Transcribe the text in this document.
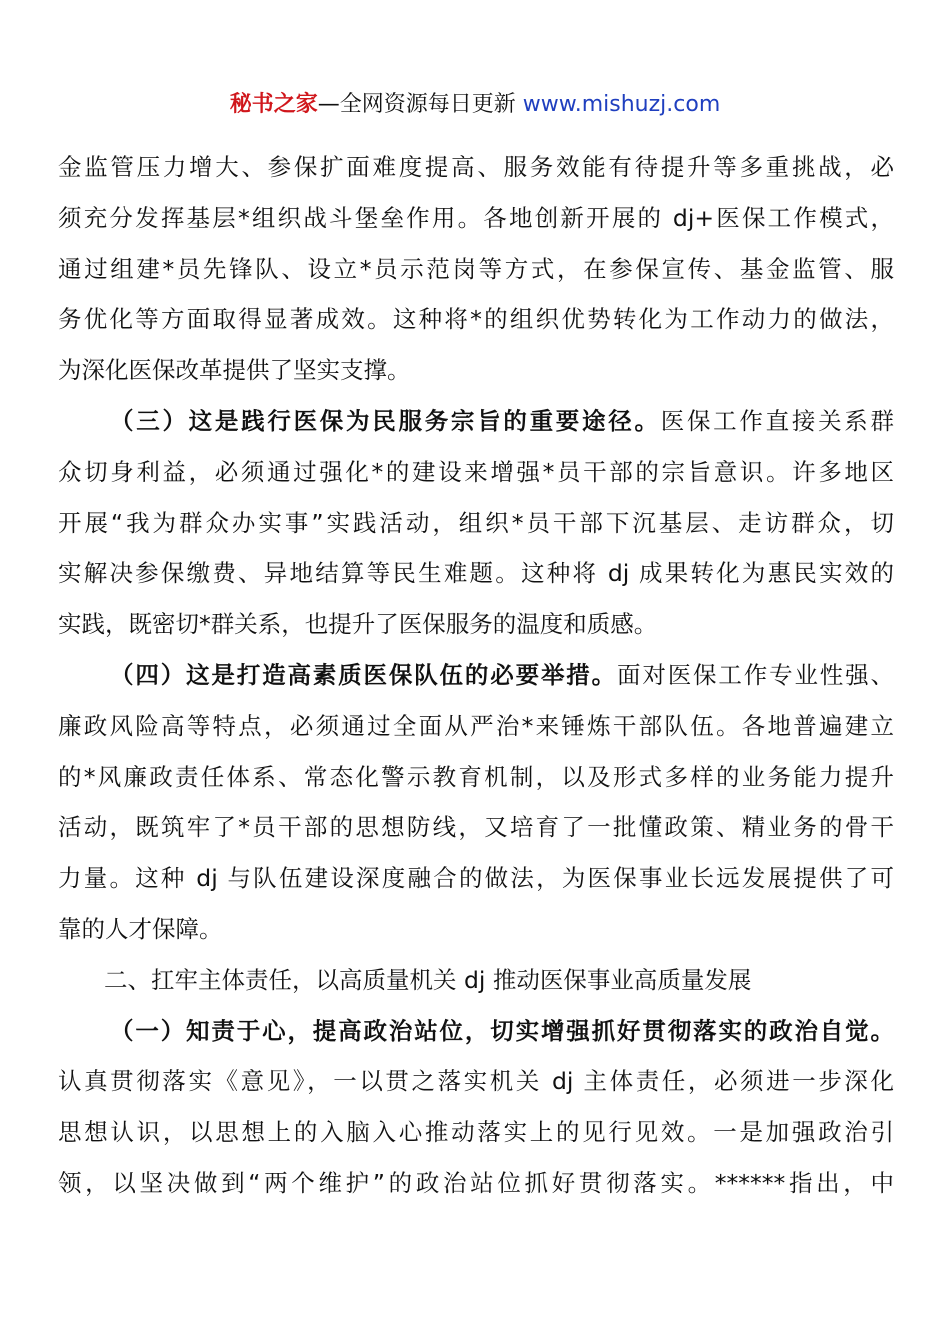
秘书之家—全网资源每日更新 www.mishuzj.com
金监管压力增大、参保扩面难度提高、服务效能有待提升等多重挑战，必
须充分发挥基层*组织战斗堡垒作用。各地创新开展的 dj+医保工作模式，
通过组建*员先锋队、设立*员示范岗等方式，在参保宣传、基金监管、服
务优化等方面取得显著成效。这种将*的组织优势转化为工作动力的做法，
为深化医保改革提供了坚实支撑。
（三）这是践行医保为民服务宗旨的重要途径。医保工作直接关系群
众切身利益，必须通过强化*的建设来增强*员干部的宗旨意识。许多地区
开展“我为群众办实事”实践活动，组织*员干部下沉基层、走访群众，切
实解决参保缴费、异地结算等民生难题。这种将 dj 成果转化为惠民实效的
实践，既密切*群关系，也提升了医保服务的温度和质感。
（四）这是打造高素质医保队伍的必要举措。面对医保工作专业性强、
廉政风险高等特点，必须通过全面从严治*来锤炼干部队伍。各地普遍建立
的*风廉政责任体系、常态化警示教育机制，以及形式多样的业务能力提升
活动，既筑牢了*员干部的思想防线，又培育了一批懂政策、精业务的骨干
力量。这种 dj 与队伍建设深度融合的做法，为医保事业长远发展提供了可
靠的人才保障。
二、扛牢主体责任，以高质量机关 dj 推动医保事业高质量发展
（一）知责于心，提高政治站位，切实增强抓好贯彻落实的政治自觉。
认真贯彻落实《意见》，一以贯之落实机关 dj 主体责任，必须进一步深化
思想认识，以思想上的入脑入心推动落实上的见行见效。一是加强政治引
领，以坚决做到“两个维护”的政治站位抓好贯彻落实。******指出，中
